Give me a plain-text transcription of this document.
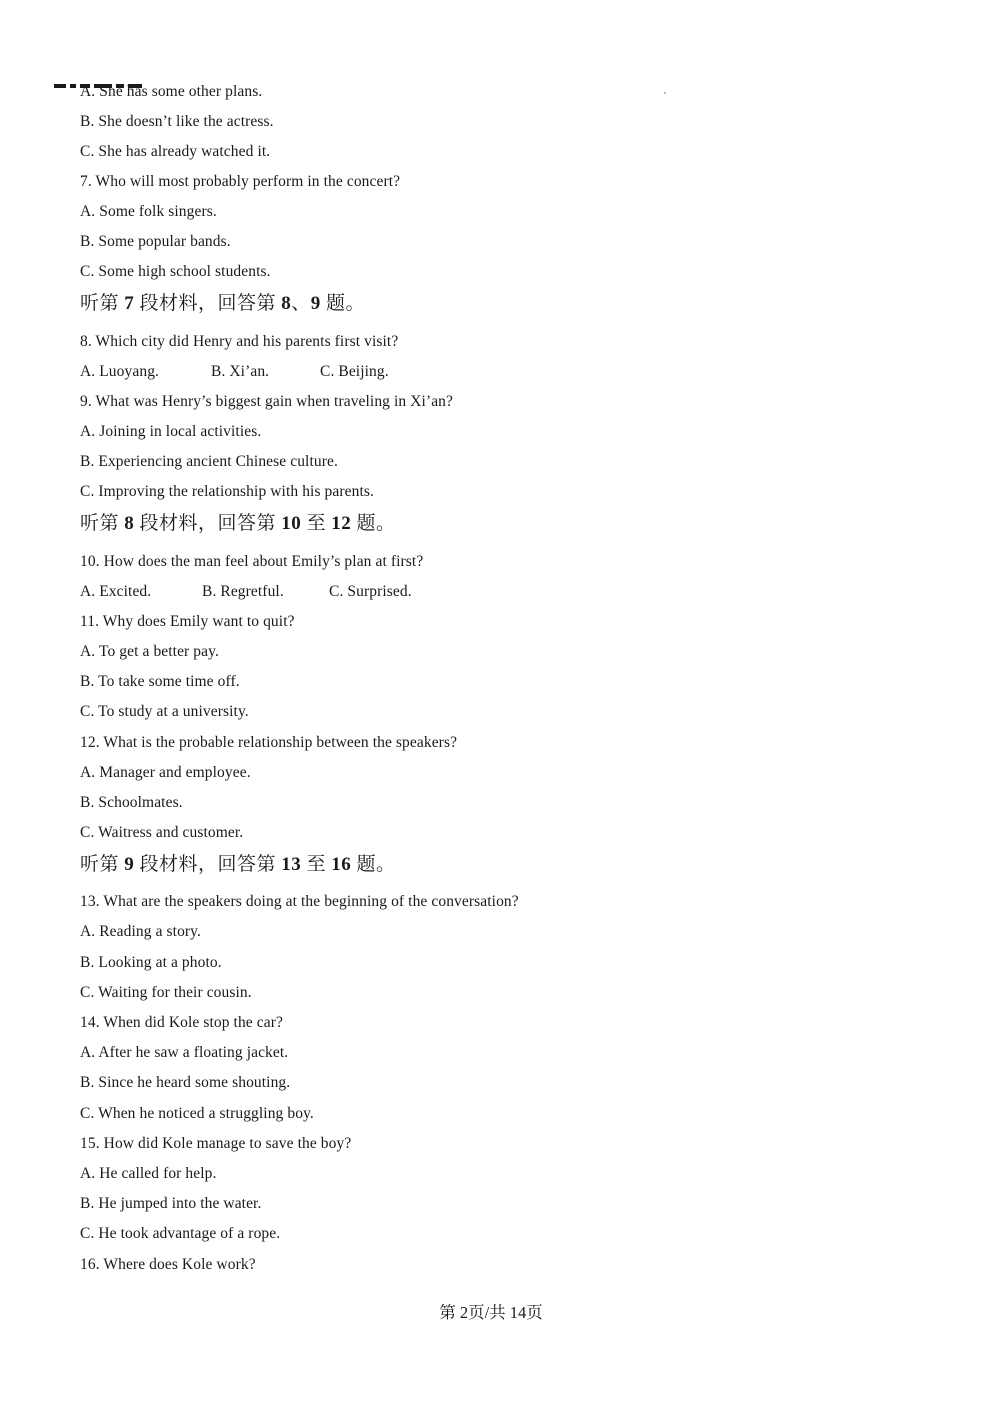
A. She has some other plans.
B. She doesn’t like the actress.
C. She has already watched it.
7. Who will most probably perform in the concert?
A. Some folk singers.
B. Some popular bands.
C. Some high school students.
听第 7 段材料，回答第 8、9 题。
8. Which city did Henry and his parents first visit?
A. Luoyang.	B. Xi’an.	C. Beijing.
9. What was Henry’s biggest gain when traveling in Xi’an?
A. Joining in local activities.
B. Experiencing ancient Chinese culture.
C. Improving the relationship with his parents.
听第 8 段材料，回答第 10 至 12 题。
10. How does the man feel about Emily’s plan at first?
A. Excited.	B. Regretful.	C. Surprised.
11. Why does Emily want to quit?
A. To get a better pay.
B. To take some time off.
C. To study at a university.
12. What is the probable relationship between the speakers?
A. Manager and employee.
B. Schoolmates.
C. Waitress and customer.
听第 9 段材料，回答第 13 至 16 题。
13. What are the speakers doing at the beginning of the conversation?
A. Reading a story.
B. Looking at a photo.
C. Waiting for their cousin.
14. When did Kole stop the car?
A. After he saw a floating jacket.
B. Since he heard some shouting.
C. When he noticed a struggling boy.
15. How did Kole manage to save the boy?
A. He called for help.
B. He jumped into the water.
C. He took advantage of a rope.
16. Where does Kole work?
第 2页/共 14页
